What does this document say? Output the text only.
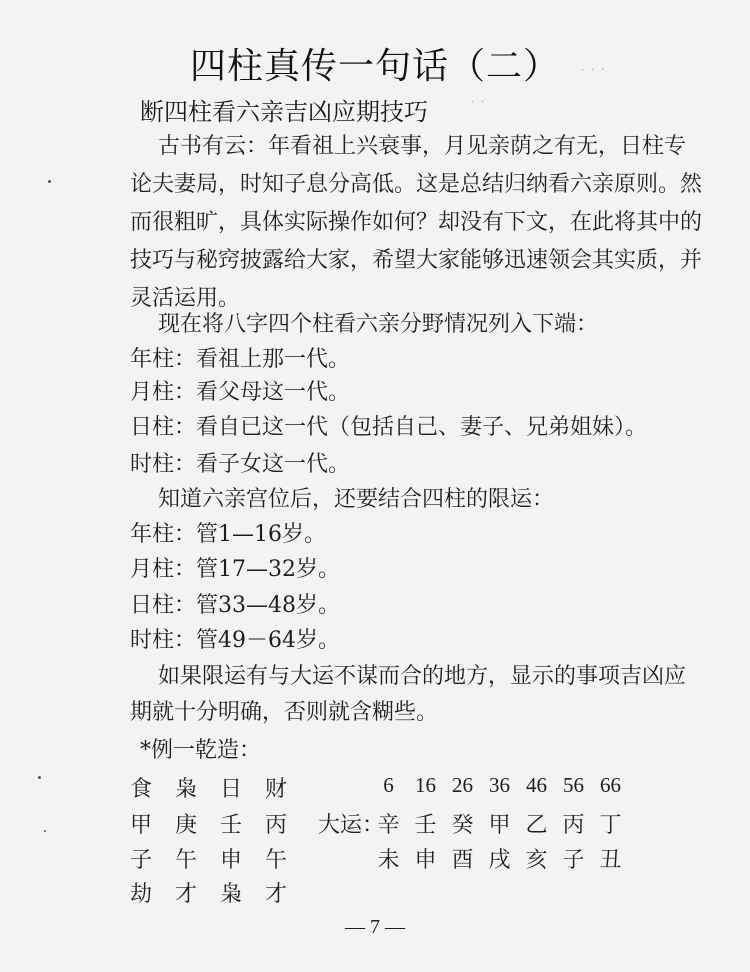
· · ·
· ·
四柱真传一句话（二）
断四柱看六亲吉凶应期技巧
古书有云：年看祖上兴衰事，月见亲荫之有无，日柱专
论夫妻局，时知子息分高低。这是总结归纳看六亲原则。然
而很粗旷，具体实际操作如何？却没有下文，在此将其中的
技巧与秘窍披露给大家，希望大家能够迅速领会其实质，并
灵活运用。
现在将八字四个柱看六亲分野情况列入下端：
年柱：看祖上那一代。
月柱：看父母这一代。
日柱：看自已这一代（包括自己、妻子、兄弟姐妹）。
时柱：看子女这一代。
知道六亲宫位后，还要结合四柱的限运：
年柱：管1—16岁。
月柱：管17—32岁。
日柱：管33—48岁。
时柱：管49－64岁。
如果限运有与大运不谋而合的地方，显示的事项吉凶应
期就十分明确，否则就含糊些。
*例一乾造：
食 枭 日 财
甲 庚 壬 丙
子 午 申 午
劫 才 枭 才
大运：
6 16 26 36 46 56 66
辛 壬 癸 甲 乙 丙 丁
未 申 酉 戌 亥 子 丑
— 7 —
